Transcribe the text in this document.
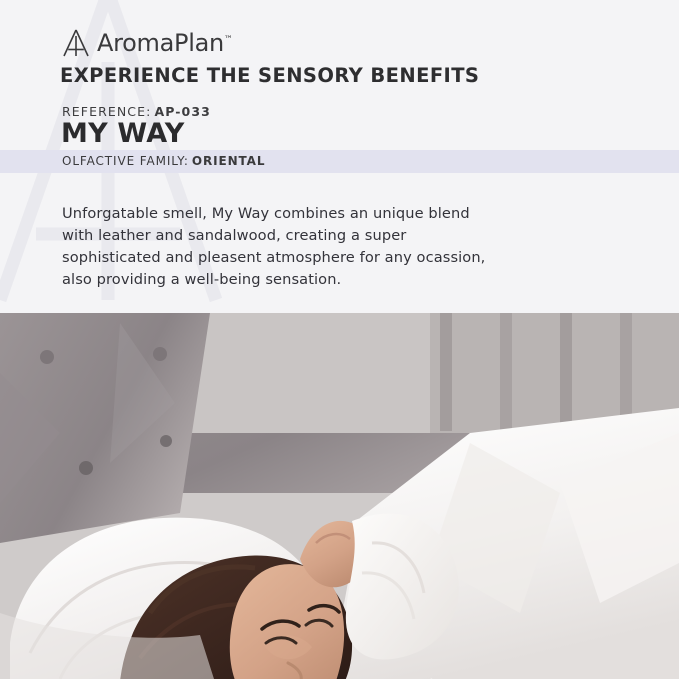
AromaPlan™
EXPERIENCE THE SENSORY BENEFITS
REFERENCE: AP-033
MY WAY
OLFACTIVE FAMILY: ORIENTAL
Unforgatable smell, My Way combines an unique blend with leather and sandalwood, creating a super sophisticated and pleasent atmosphere for any ocassion, also providing a well-being sensation.
